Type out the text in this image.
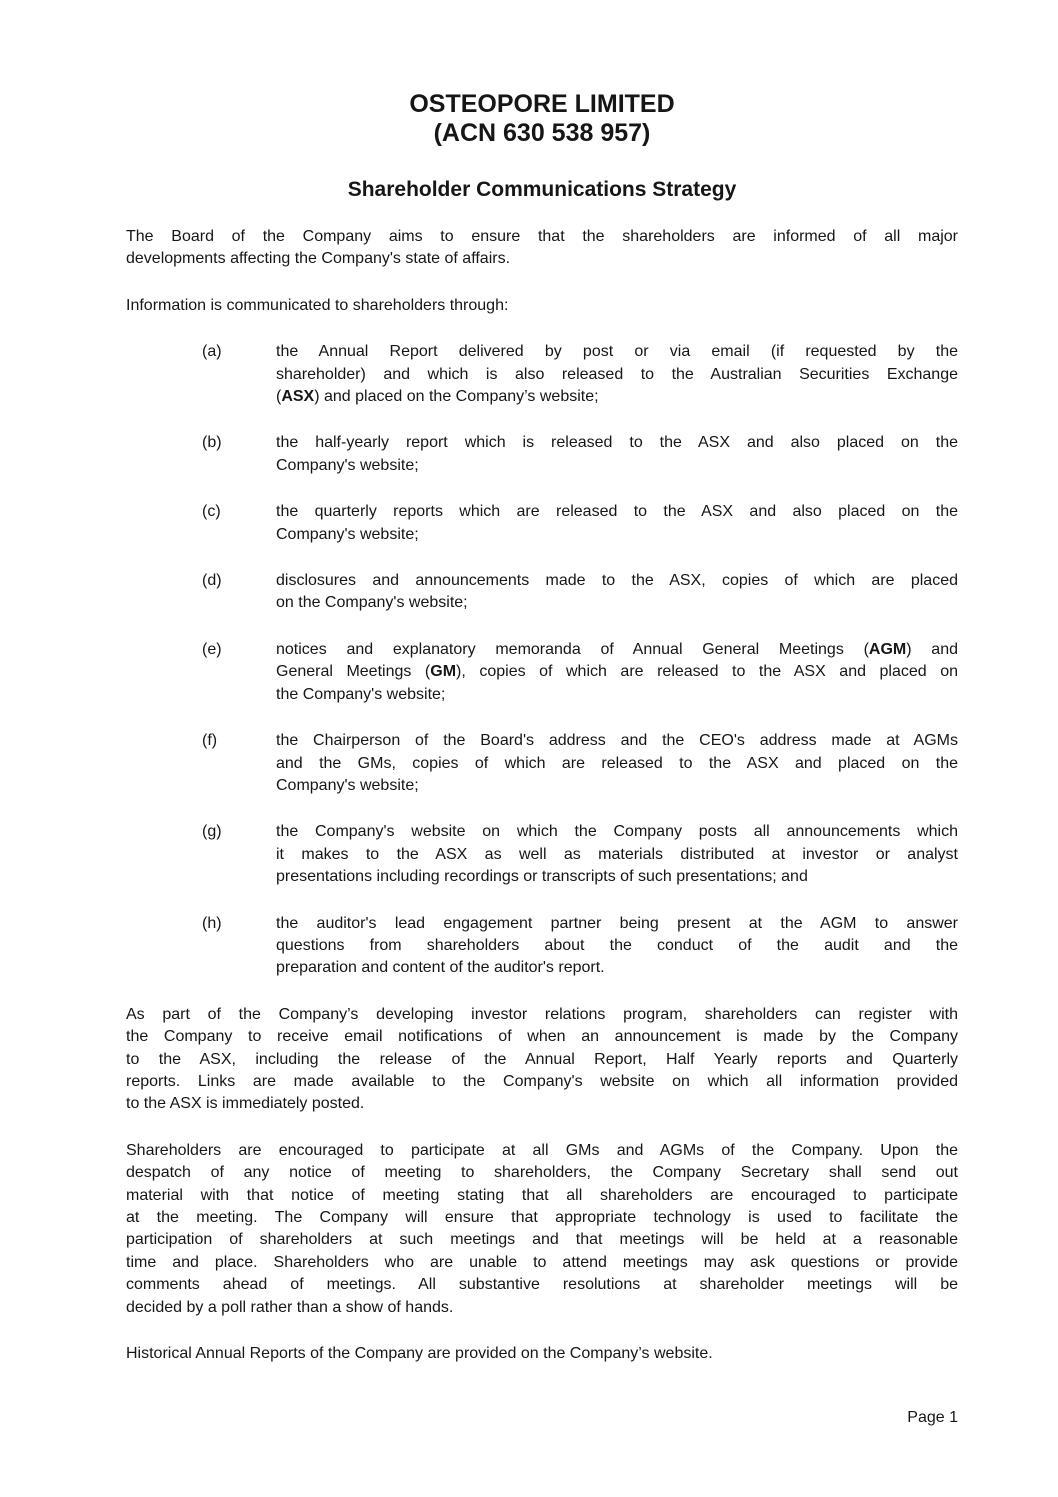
OSTEOPORE LIMITED
(ACN 630 538 957)
Shareholder Communications Strategy
The Board of the Company aims to ensure that the shareholders are informed of all major
developments affecting the Company's state of affairs.
Information is communicated to shareholders through:
(a)	the Annual Report delivered by post or via email (if requested by the
shareholder) and which is also released to the Australian Securities Exchange
(ASX) and placed on the Company’s website;
(b)	the half-yearly report which is released to the ASX and also placed on the
Company's website;
(c)	the quarterly reports which are released to the ASX and also placed on the
Company's website;
(d)	disclosures and announcements made to the ASX, copies of which are placed
on the Company's website;
(e)	notices and explanatory memoranda of Annual General Meetings (AGM) and
General Meetings (GM), copies of which are released to the ASX and placed on
the Company's website;
(f)	the Chairperson of the Board's address and the CEO's address made at AGMs
and the GMs, copies of which are released to the ASX and placed on the
Company's website;
(g)	the Company's website on which the Company posts all announcements which
it makes to the ASX as well as materials distributed at investor or analyst
presentations including recordings or transcripts of such presentations; and
(h)	the auditor's lead engagement partner being present at the AGM to answer
questions from shareholders about the conduct of the audit and the
preparation and content of the auditor's report.
As part of the Company’s developing investor relations program, shareholders can register with
the Company to receive email notifications of when an announcement is made by the Company
to the ASX, including the release of the Annual Report, Half Yearly reports and Quarterly
reports. Links are made available to the Company's website on which all information provided
to the ASX is immediately posted.
Shareholders are encouraged to participate at all GMs and AGMs of the Company. Upon the
despatch of any notice of meeting to shareholders, the Company Secretary shall send out
material with that notice of meeting stating that all shareholders are encouraged to participate
at the meeting. The Company will ensure that appropriate technology is used to facilitate the
participation of shareholders at such meetings and that meetings will be held at a reasonable
time and place. Shareholders who are unable to attend meetings may ask questions or provide
comments ahead of meetings. All substantive resolutions at shareholder meetings will be
decided by a poll rather than a show of hands.
Historical Annual Reports of the Company are provided on the Company’s website.
Page 1
